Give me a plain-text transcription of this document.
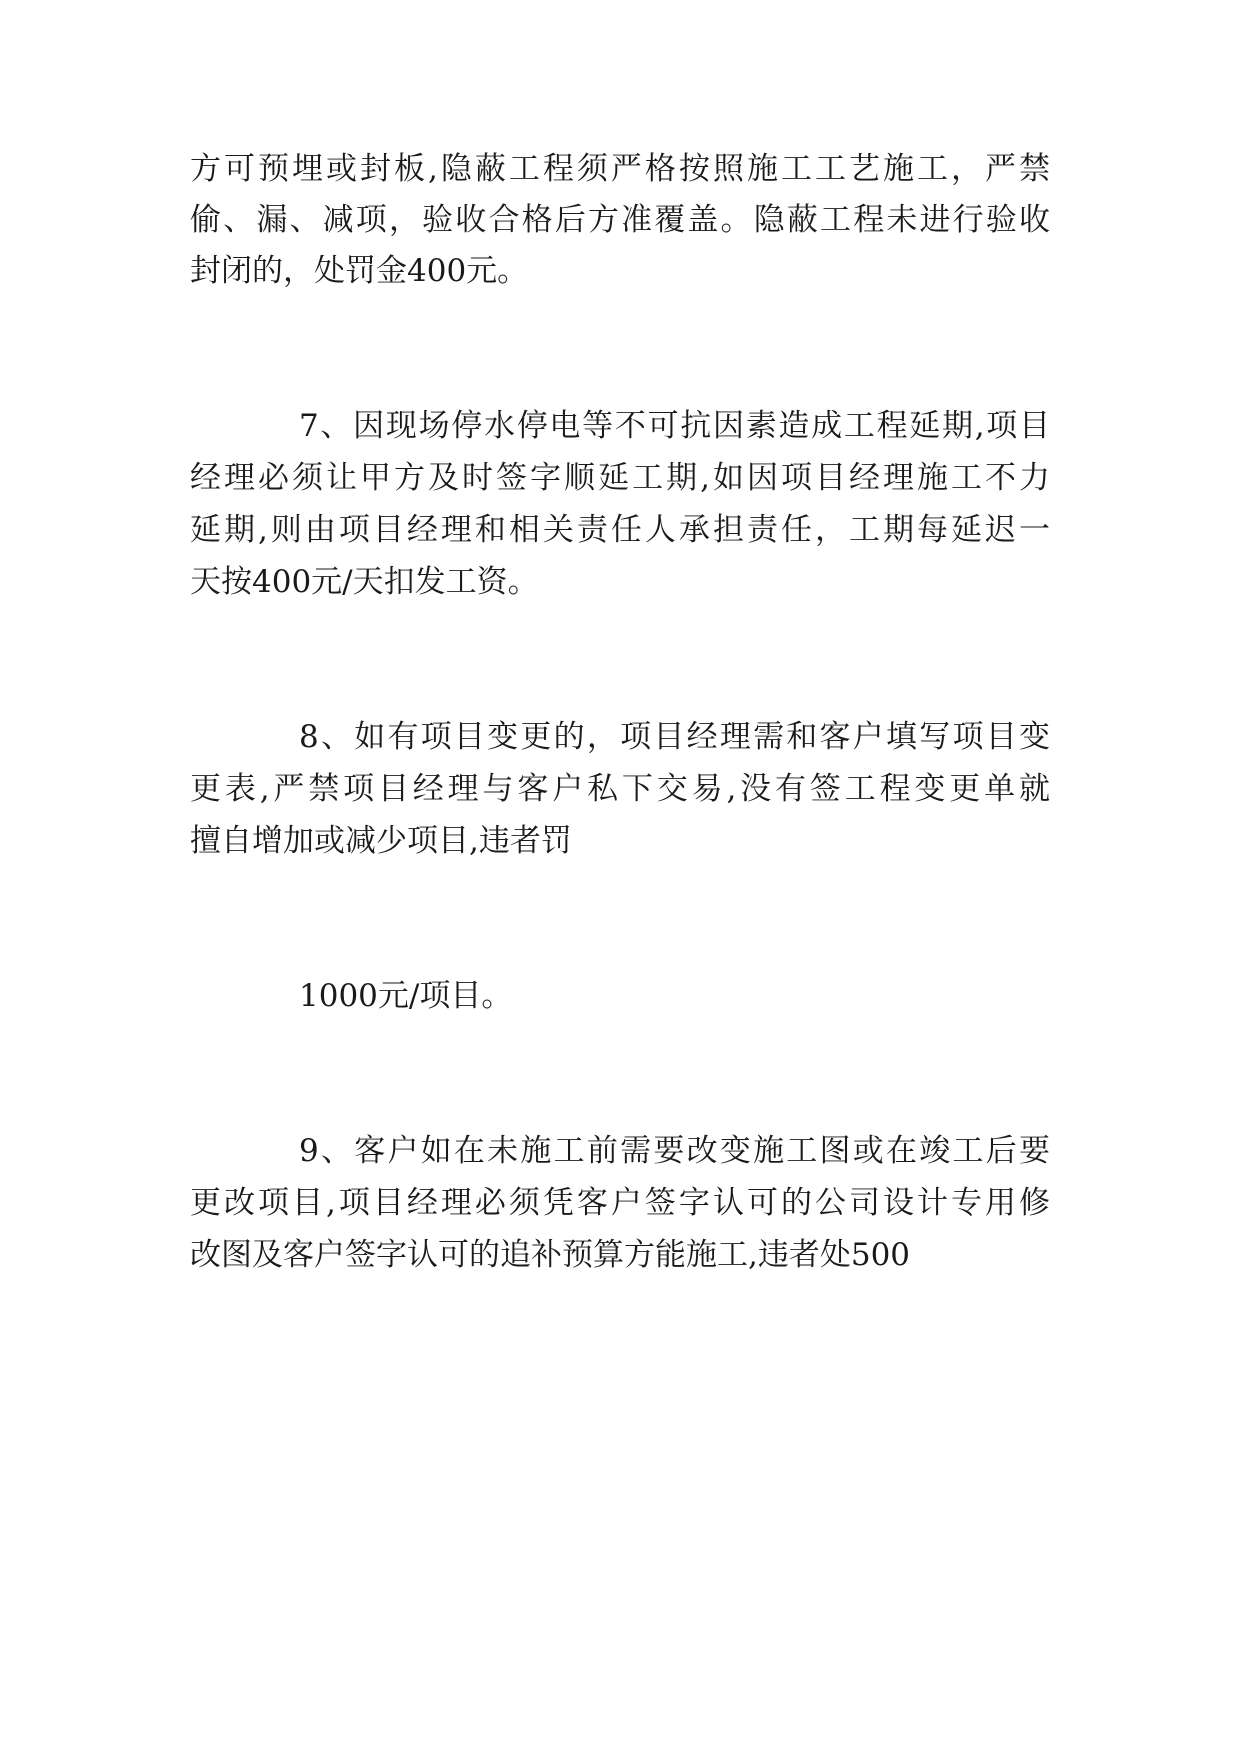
方可预埋或封板,隐蔽工程须严格按照施工工艺施工，严禁
偷、漏、减项，验收合格后方准覆盖。隐蔽工程未进行验收
封闭的，处罚金400元。
7、因现场停水停电等不可抗因素造成工程延期,项目
经理必须让甲方及时签字顺延工期,如因项目经理施工不力
延期,则由项目经理和相关责任人承担责任，工期每延迟一
天按400元/天扣发工资。
8、如有项目变更的，项目经理需和客户填写项目变
更表,严禁项目经理与客户私下交易,没有签工程变更单就
擅自增加或减少项目,违者罚
1000元/项目。
9、客户如在未施工前需要改变施工图或在竣工后要
更改项目,项目经理必须凭客户签字认可的公司设计专用修
改图及客户签字认可的追补预算方能施工,违者处500
